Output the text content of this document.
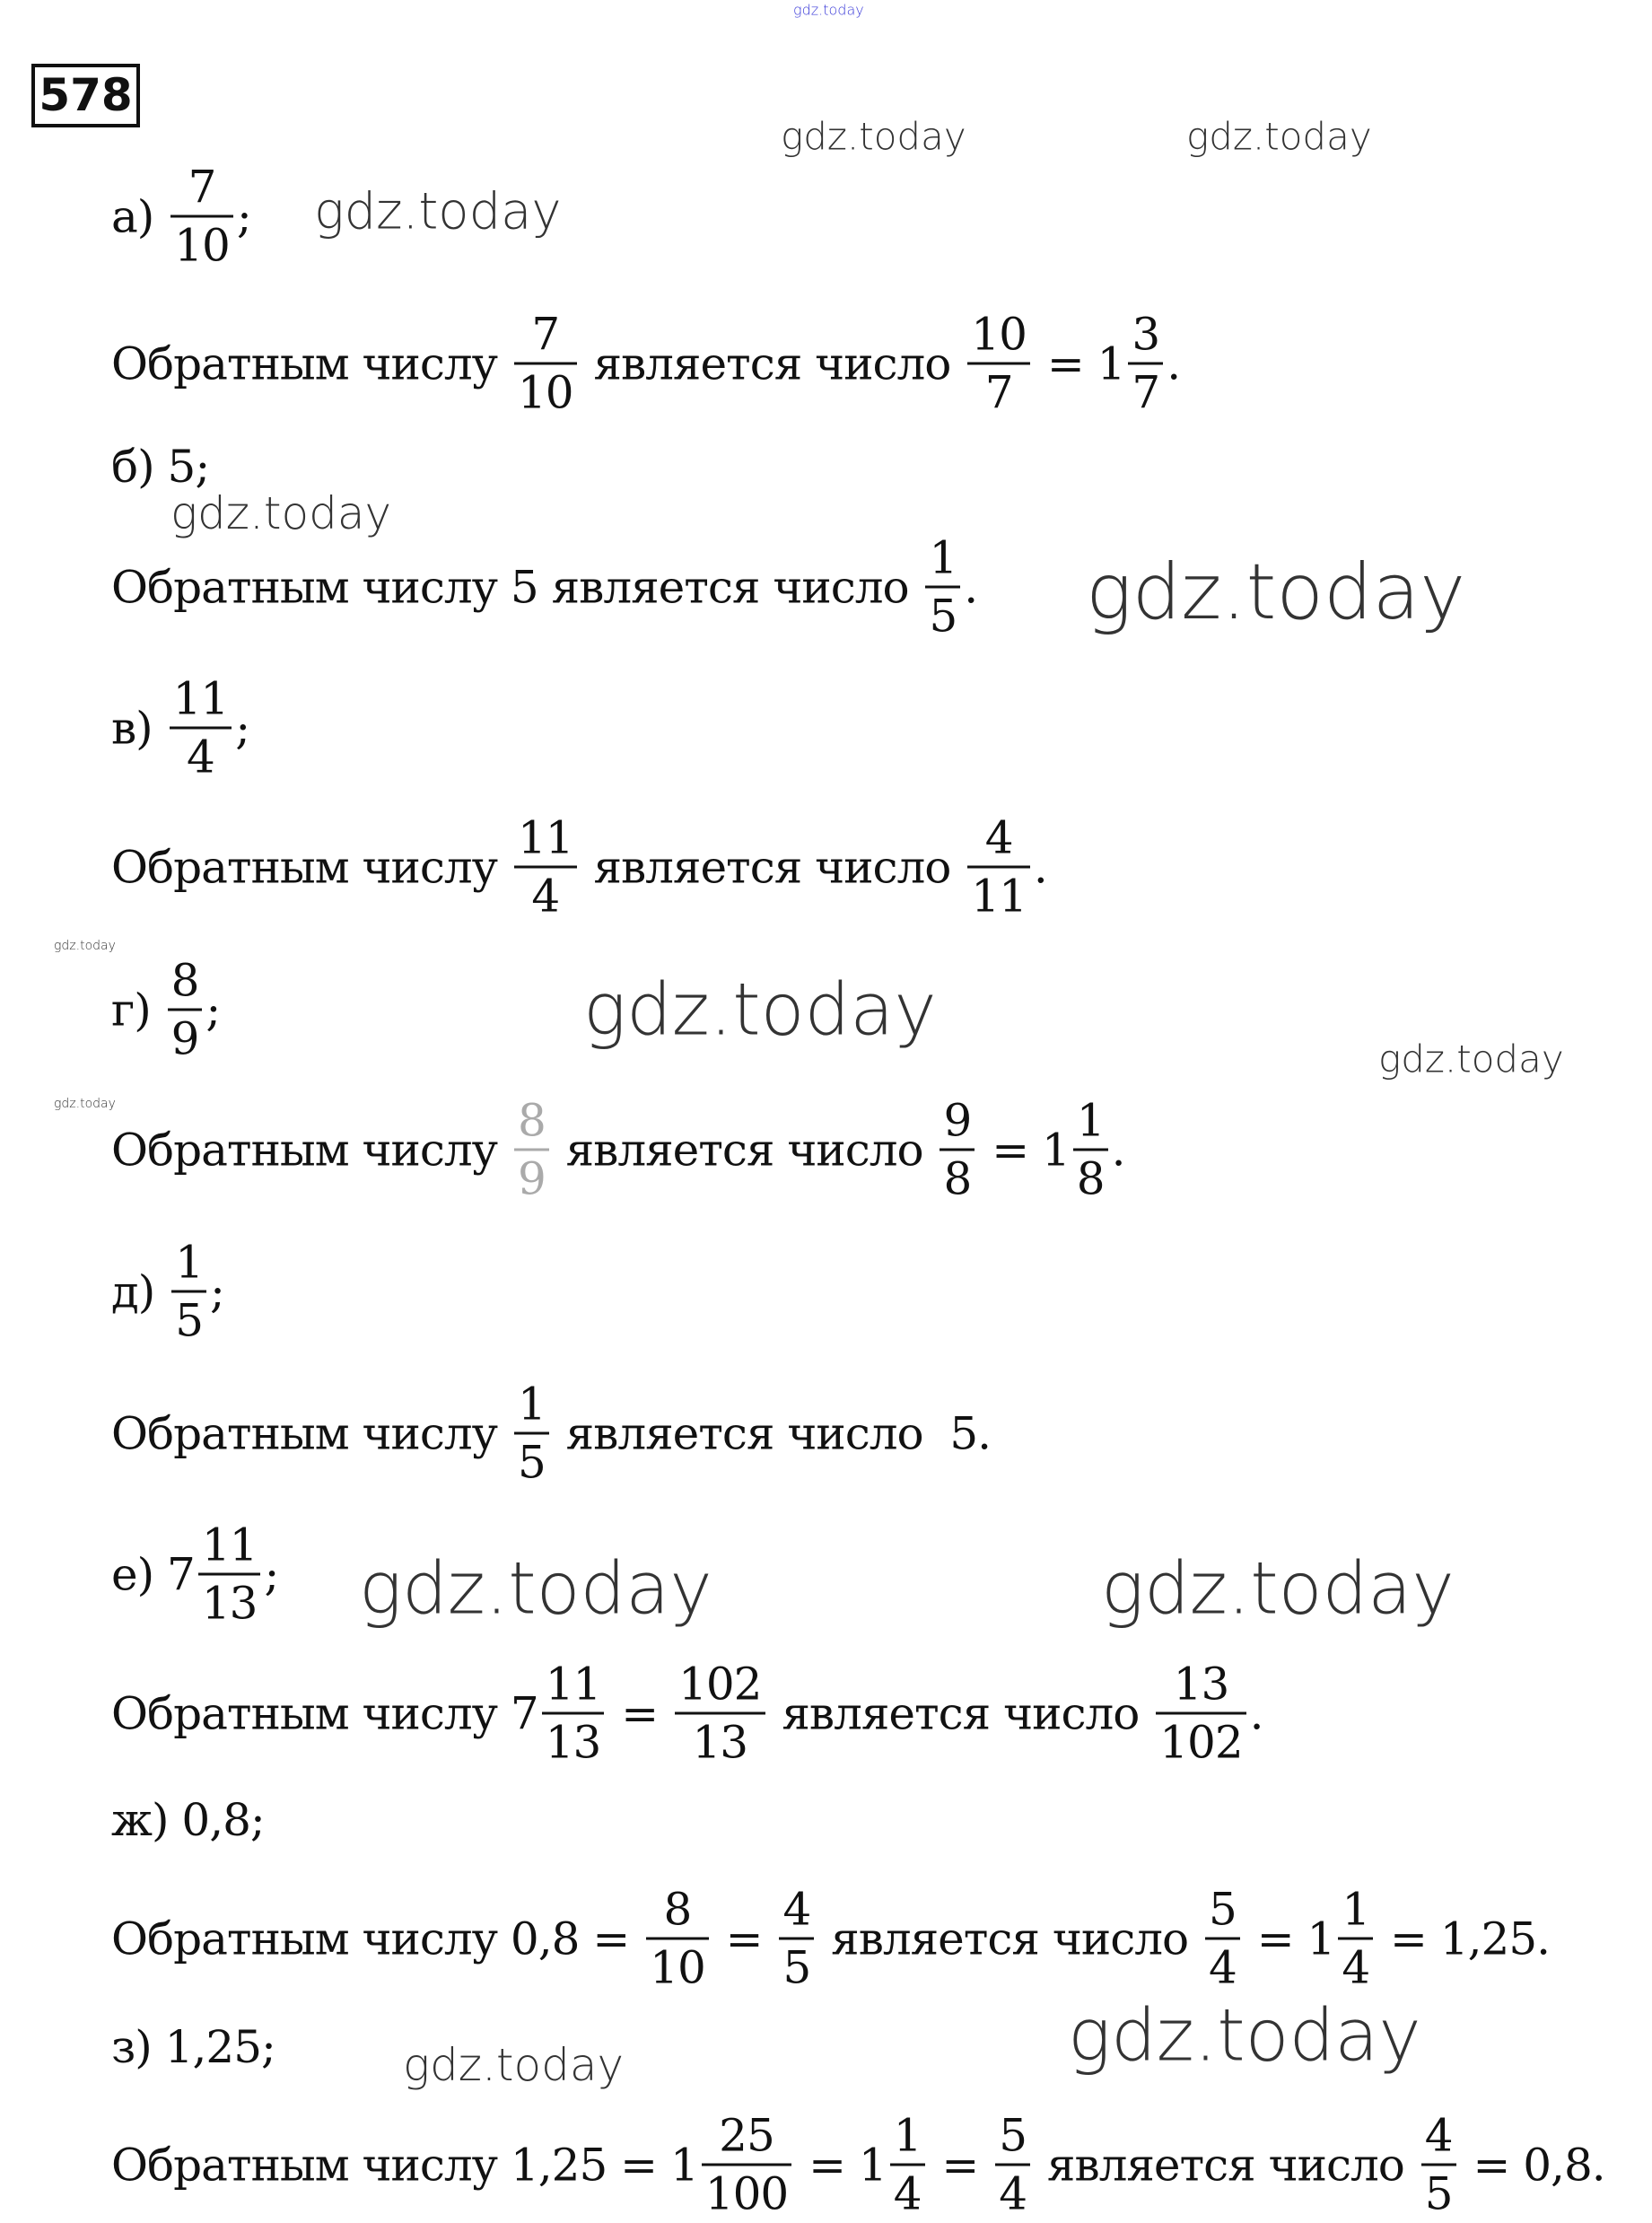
578
$а) \frac{7}{10}$ ;
Обратным числу $\frac{7}{10}$ является число $\frac{10}{7} = 1 \frac{3}{7}$ .
б) 5;
Обратным числу 5 является число $\frac{1}{5}$ .
$в) \frac{11}{4}$ ;
Обратным числу $\frac{11}{4}$ является число $\frac{4}{11}$ .
$г) \frac{8}{9}$ ;
Обратным числу $\frac{8}{9}$ является число $\frac{9}{8} = 1 \frac{1}{8}$ .
$д) \frac{1}{5}$ ;
Обратным числу $\frac{1}{5}$ является число  5.
е) $7 \frac{11}{13}$ ;
Обратным числу $7 \frac{11}{13} = \frac{102}{13}$ является число $\frac{13}{102}$ .
ж) 0,8;
Обратным числу $0,8 = \frac{8}{10} = \frac{4}{5}$ является число $\frac{5}{4} = 1 \frac{1}{4} = 1,25$.
з) 1,25;
Обратным числу $1,25 = 1 \frac{25}{100} = 1 \frac{1}{4} = \frac{5}{4}$ является число $\frac{4}{5} = 0,8$.
gdz.today
gdz.today	gdz.today
gdz.today
gdz.today
gdz.today
gdz.today
gdz.today
gdz.today
gdz.today
gdz.today	gdz.today
gdz.today	gdz.today
